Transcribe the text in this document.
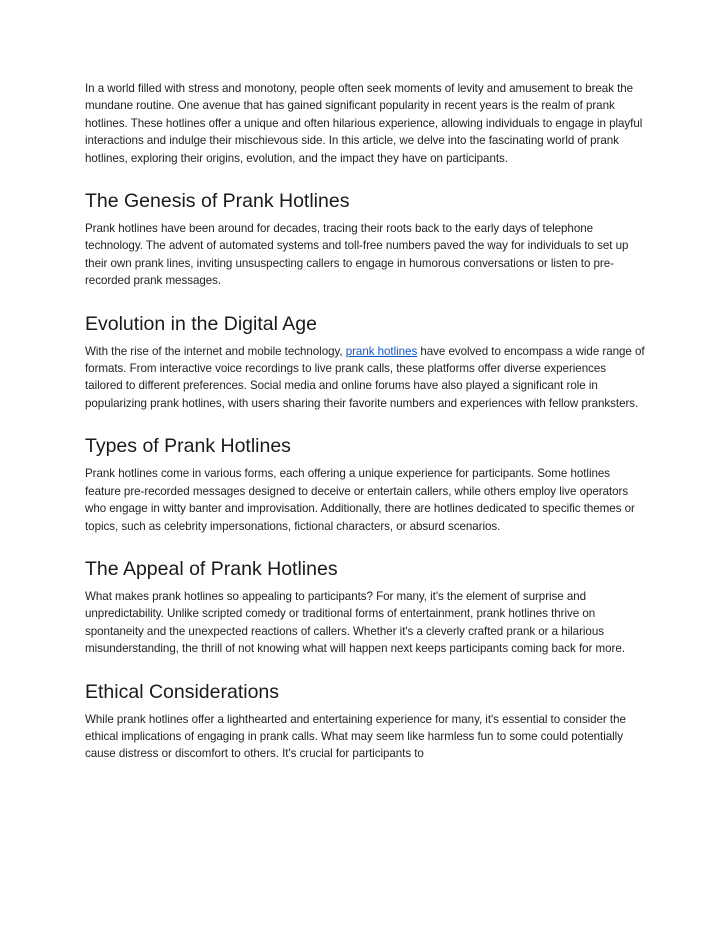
In a world filled with stress and monotony, people often seek moments of levity and amusement to break the mundane routine. One avenue that has gained significant popularity in recent years is the realm of prank hotlines. These hotlines offer a unique and often hilarious experience, allowing individuals to engage in playful interactions and indulge their mischievous side. In this article, we delve into the fascinating world of prank hotlines, exploring their origins, evolution, and the impact they have on participants.

The Genesis of Prank Hotlines

Prank hotlines have been around for decades, tracing their roots back to the early days of telephone technology. The advent of automated systems and toll-free numbers paved the way for individuals to set up their own prank lines, inviting unsuspecting callers to engage in humorous conversations or listen to pre-recorded prank messages.

Evolution in the Digital Age

With the rise of the internet and mobile technology, prank hotlines have evolved to encompass a wide range of formats. From interactive voice recordings to live prank calls, these platforms offer diverse experiences tailored to different preferences. Social media and online forums have also played a significant role in popularizing prank hotlines, with users sharing their favorite numbers and experiences with fellow pranksters.

Types of Prank Hotlines

Prank hotlines come in various forms, each offering a unique experience for participants. Some hotlines feature pre-recorded messages designed to deceive or entertain callers, while others employ live operators who engage in witty banter and improvisation. Additionally, there are hotlines dedicated to specific themes or topics, such as celebrity impersonations, fictional characters, or absurd scenarios.

The Appeal of Prank Hotlines

What makes prank hotlines so appealing to participants? For many, it's the element of surprise and unpredictability. Unlike scripted comedy or traditional forms of entertainment, prank hotlines thrive on spontaneity and the unexpected reactions of callers. Whether it's a cleverly crafted prank or a hilarious misunderstanding, the thrill of not knowing what will happen next keeps participants coming back for more.

Ethical Considerations

While prank hotlines offer a lighthearted and entertaining experience for many, it's essential to consider the ethical implications of engaging in prank calls. What may seem like harmless fun to some could potentially cause distress or discomfort to others. It's crucial for participants to
